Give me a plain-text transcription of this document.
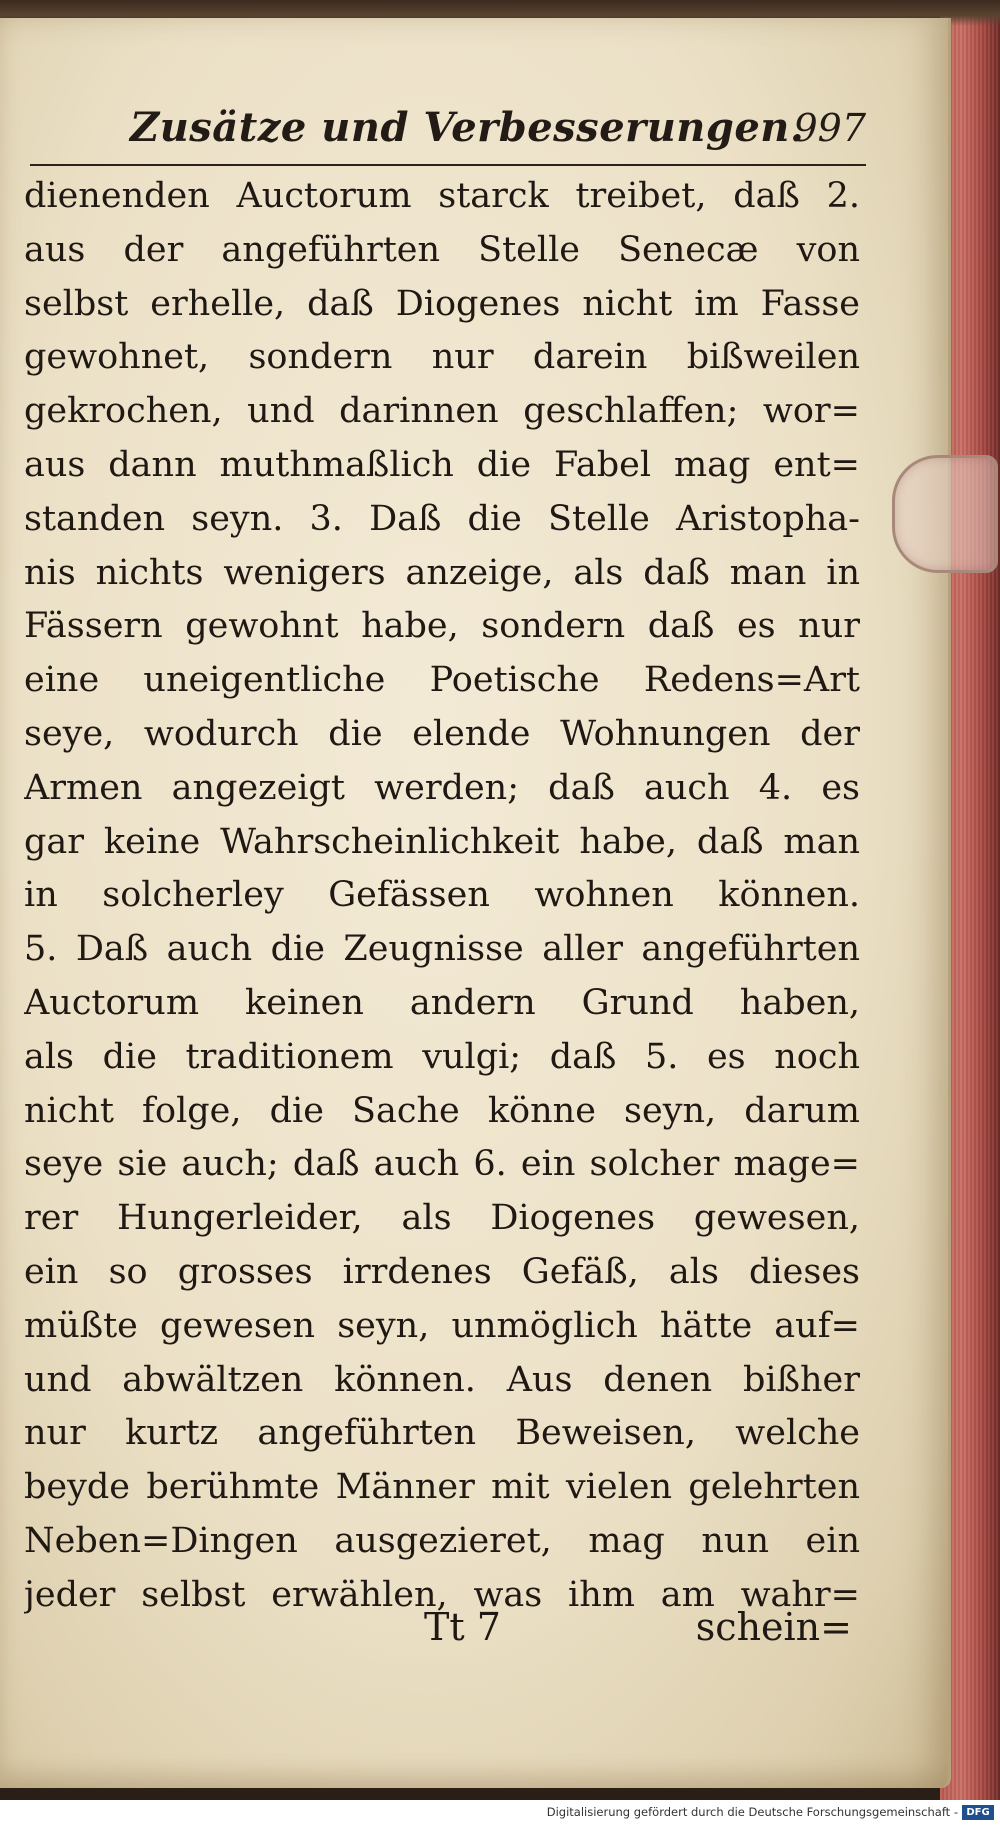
Zusätze und Verbesserungen.
997
dienenden Auctorum starck treibet, daß 2.
aus der angeführten Stelle Senecæ von
selbst erhelle, daß Diogenes nicht im Fasse
gewohnet, sondern nur darein bißweilen
gekrochen, und darinnen geschlaffen; wor=
aus dann muthmaßlich die Fabel mag ent=
standen seyn. 3. Daß die Stelle Aristopha-
nis nichts wenigers anzeige, als daß man in
Fässern gewohnt habe, sondern daß es nur
eine uneigentliche Poetische Redens=Art
seye, wodurch die elende Wohnungen der
Armen angezeigt werden; daß auch 4. es
gar keine Wahrscheinlichkeit habe, daß man
in solcherley Gefässen wohnen können.
5. Daß auch die Zeugnisse aller angeführten
Auctorum keinen andern Grund haben,
als die traditionem vulgi; daß 5. es noch
nicht folge, die Sache könne seyn, darum
seye sie auch; daß auch 6. ein solcher mage=
rer Hungerleider, als Diogenes gewesen,
ein so grosses irrdenes Gefäß, als dieses
müßte gewesen seyn, unmöglich hätte auf=
und abwältzen können. Aus denen bißher
nur kurtz angeführten Beweisen, welche
beyde berühmte Männer mit vielen gelehrten
Neben=Dingen ausgezieret, mag nun ein
jeder selbst erwählen, was ihm am wahr=
Tt 7	schein=
Digitalisierung gefördert durch die Deutsche Forschungsgemeinschaft - DFG
